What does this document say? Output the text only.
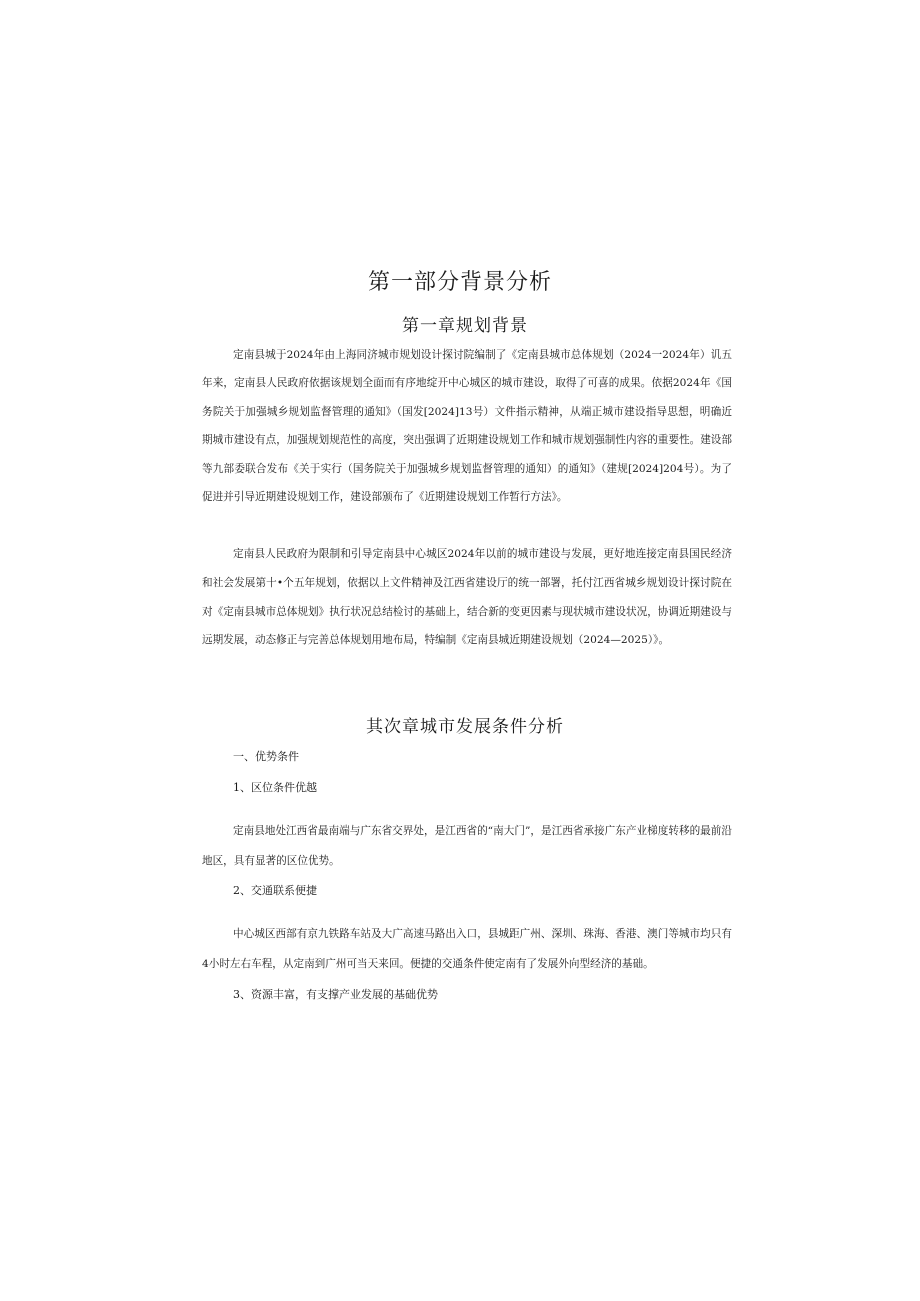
第一部分背景分析
第一章规划背景

定南县城于2024年由上海同济城市规划设计探讨院编制了《定南县城市总体规划（2024一2024年）讥五年来，定南县人民政府依据该规划全面而有序地绽开中心城区的城市建设，取得了可喜的成果。依据2024年《国务院关于加强城乡规划监督管理的通知》（国发[2024]13号）文件指示精神，从端正城市建设指导思想，明确近期城市建设有点，加强规划规范性的高度，突出强调了近期建设规划工作和城市规划强制性内容的重要性。建设部等九部委联合发布《关于实行（国务院关于加强城乡规划监督管理的通知）的通知》（建规[2024]204号）。为了促进并引导近期建设规划工作，建设部颁布了《近期建设规划工作暂行方法》。

定南县人民政府为限制和引导定南县中心城区2024年以前的城市建设与发展，更好地连接定南县国民经济和社会发展第十•个五年规划，依据以上文件精神及江西省建设厅的统一部署，托付江西省城乡规划设计探讨院在对《定南县城市总体规划》执行状况总结检讨的基础上，结合新的变更因素与现状城市建设状况，协调近期建设与远期发展，动态修正与完善总体规划用地布局，特编制《定南县城近期建设规划（2024—2025）》。

其次章城市发展条件分析

一、优势条件

1、区位条件优越

定南县地处江西省最南端与广东省交界处，是江西省的“南大门”，是江西省承接广东产业梯度转移的最前沿地区，具有显著的区位优势。

2、交通联系便捷

中心城区西部有京九铁路车站及大广高速马路出入口，县城距广州、深圳、珠海、香港、澳门等城市均只有4小时左右车程，从定南到广州可当天来回。便捷的交通条件使定南有了发展外向型经济的基础。

3、资源丰富，有支撑产业发展的基础优势
